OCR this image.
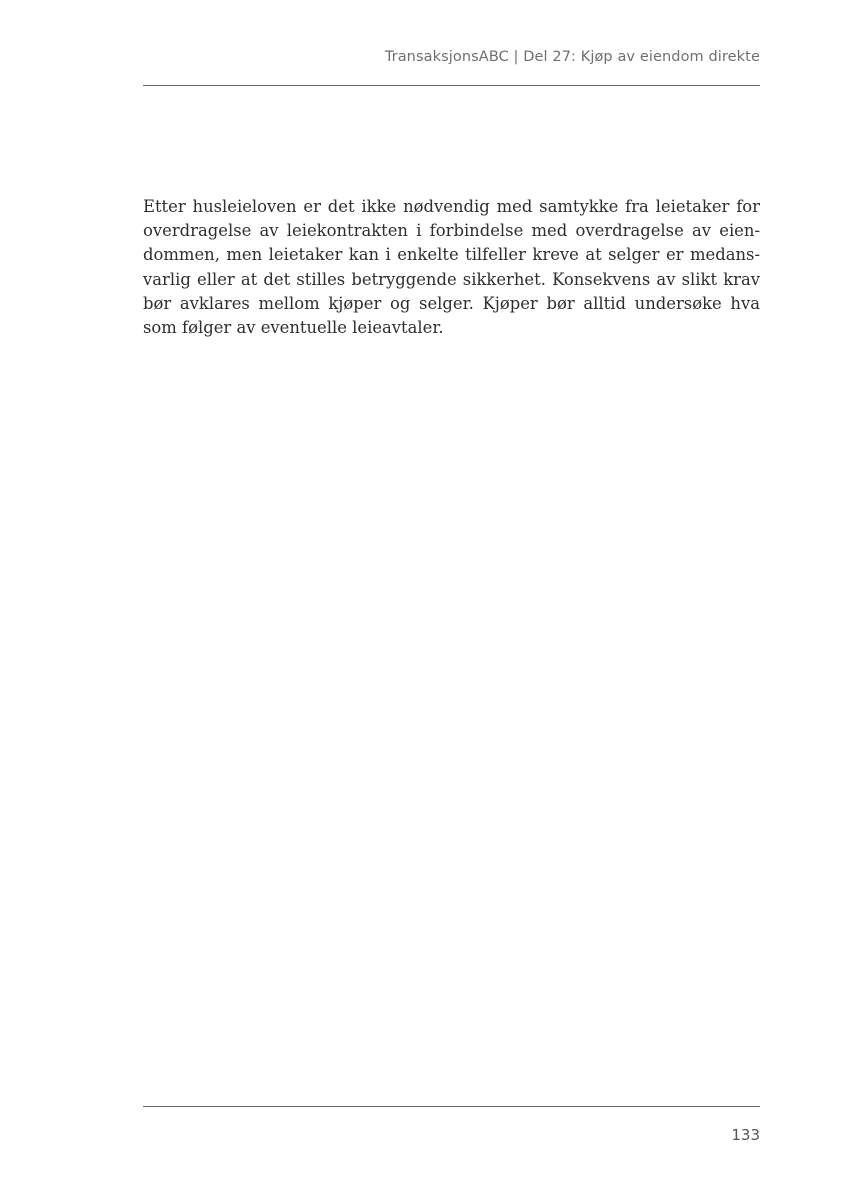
TransaksjonsABC | Del 27: Kjøp av eiendom direkte

Etter husleieloven er det ikke nødvendig med samtykke fra leietaker for overdragelse av leiekontrakten i forbindelse med overdragelse av eiendommen, men leietaker kan i enkelte tilfeller kreve at selger er medansvarlig eller at det stilles betryggende sikkerhet. Konsekvens av slikt krav bør avklares mellom kjøper og selger. Kjøper bør alltid undersøke hva som følger av eventuelle leieavtaler.

133
